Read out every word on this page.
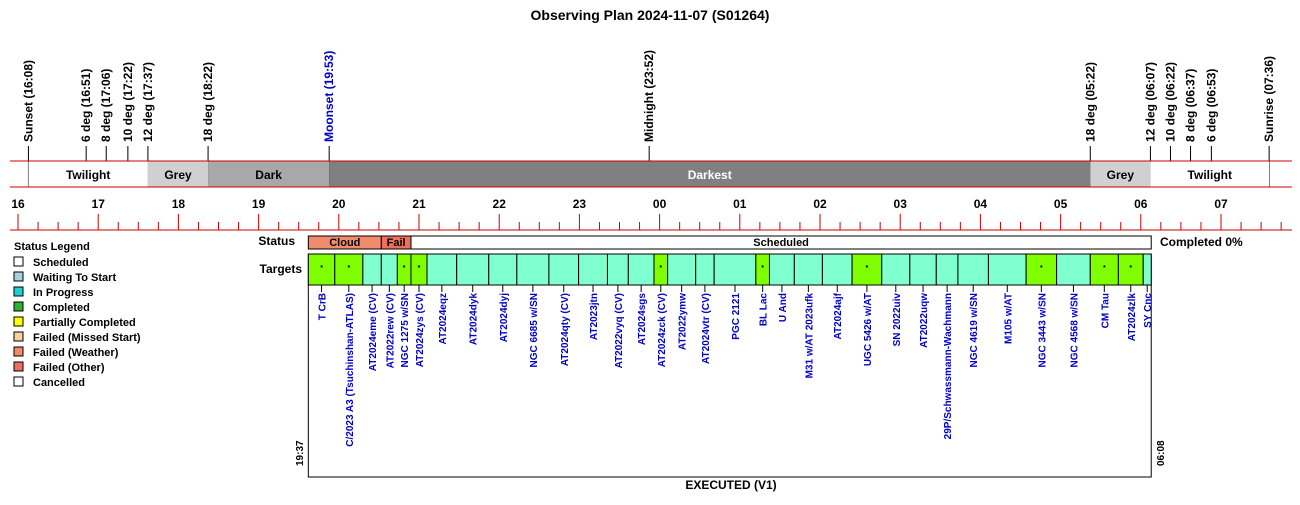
Observing Plan 2024-11-07 (S01264)
Sunset (16:08)	6 deg (16:51) 8 deg (17:06) 10 deg (17:22) 12 deg (17:37)	18 deg (18:22)	Moonset (19:53)	Midnight (23:52)	18 deg (05:22)	12 deg (06:07) 10 deg (06:22) 8 deg (06:37) 6 deg (06:53)	Sunrise (07:36)
Twilight	Grey	Dark	Darkest	Grey	Twilight
16	17	18	19	20	21	22	23	00	01	02	03	04	05	06	07
Status Legend
Scheduled
Waiting To Start
In Progress
Completed
Partially Completed
Failed (Missed Start)
Failed (Weather)
Failed (Other)
Cancelled
Status	Completed 0%
Targets
Cloud Fail	Scheduled
*
T CrB
*
C/2023 A3 (Tsuchinshan-ATLAS) AT2024eme (CV) AT2022rew (CV)
*
NGC 1275 w/SN
*
AT2024zys (CV) AT2024eqz AT2024dyk AT2024dyj NGC 6685 w/SN AT2024qty (CV) AT2023jtn AT2022vyq (CV) AT2024sgs
*
AT2024zck (CV) AT2022ymw AT2024vtr (CV) PGC 2121
*
BL Lac U And M31 w/AT 2023ufk AT2024ajf
*
UGC 5426 w/AT SN 2022uiv AT2022uqw 29P/Schwassmann-Wachmann NGC 4619 w/SN M105 w/AT
*
NGC 3443 w/SN NGC 4568 w/SN
*
CM Tau
*
AT2024zlk SY Cnc
19:37	06:08
EXECUTED (V1)
